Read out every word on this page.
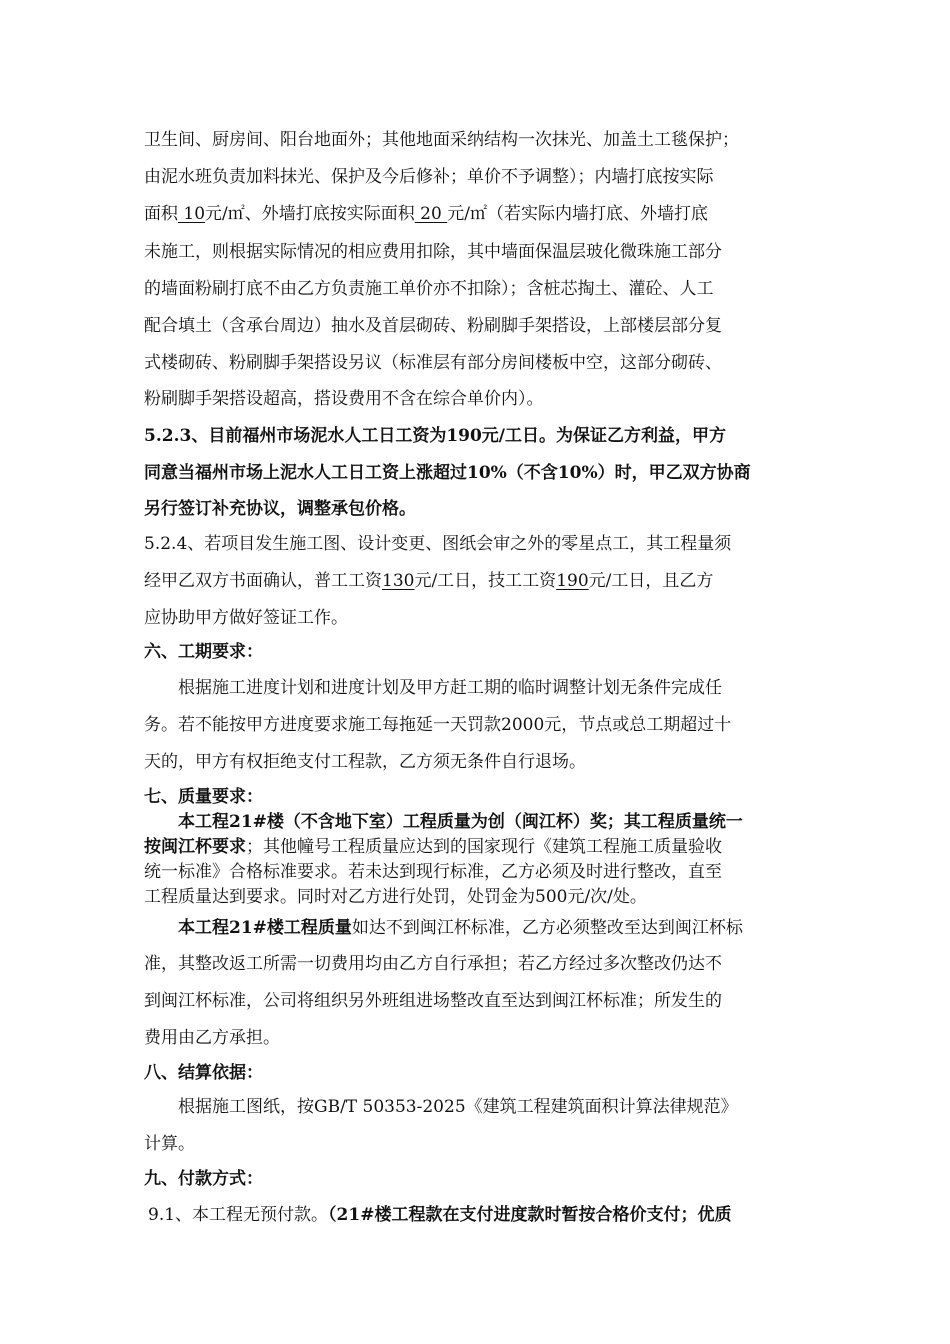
卫生间、厨房间、阳台地面外；其他地面采纳结构一次抹光、加盖土工毯保护；
由泥水班负责加料抹光、保护及今后修补；单价不予调整）；内墙打底按实际
面积 10元/㎡、外墙打底按实际面积 20 元/㎡（若实际内墙打底、外墙打底
未施工，则根据实际情况的相应费用扣除，其中墙面保温层玻化微珠施工部分
的墙面粉刷打底不由乙方负责施工单价亦不扣除）；含桩芯掏土、灌砼、人工
配合填土（含承台周边）抽水及首层砌砖、粉刷脚手架搭设，上部楼层部分复
式楼砌砖、粉刷脚手架搭设另议（标准层有部分房间楼板中空，这部分砌砖、
粉刷脚手架搭设超高，搭设费用不含在综合单价内）。
5.2.3、目前福州市场泥水人工日工资为190元/工日。为保证乙方利益，甲方
同意当福州市场上泥水人工日工资上涨超过10%（不含10%）时，甲乙双方协商
另行签订补充协议，调整承包价格。
5.2.4、若项目发生施工图、设计变更、图纸会审之外的零星点工，其工程量须
经甲乙双方书面确认，普工工资130元/工日，技工工资190元/工日，且乙方
应协助甲方做好签证工作。
六、工期要求：
根据施工进度计划和进度计划及甲方赶工期的临时调整计划无条件完成任
务。若不能按甲方进度要求施工每拖延一天罚款2000元，节点或总工期超过十
天的，甲方有权拒绝支付工程款，乙方须无条件自行退场。
七、质量要求：
本工程21#楼（不含地下室）工程质量为创（闽江杯）奖；其工程质量统一
按闽江杯要求；其他幢号工程质量应达到的国家现行《建筑工程施工质量验收
统一标准》合格标准要求。若未达到现行标准，乙方必须及时进行整改，直至
工程质量达到要求。同时对乙方进行处罚，处罚金为500元/次/处。
本工程21#楼工程质量如达不到闽江杯标准，乙方必须整改至达到闽江杯标
准，其整改返工所需一切费用均由乙方自行承担；若乙方经过多次整改仍达不
到闽江杯标准，公司将组织另外班组进场整改直至达到闽江杯标准；所发生的
费用由乙方承担。
八、结算依据：
根据施工图纸，按GB/T 50353-2025《建筑工程建筑面积计算法律规范》
计算。
九、付款方式：
9.1、本工程无预付款。（21#楼工程款在支付进度款时暂按合格价支付；优质
